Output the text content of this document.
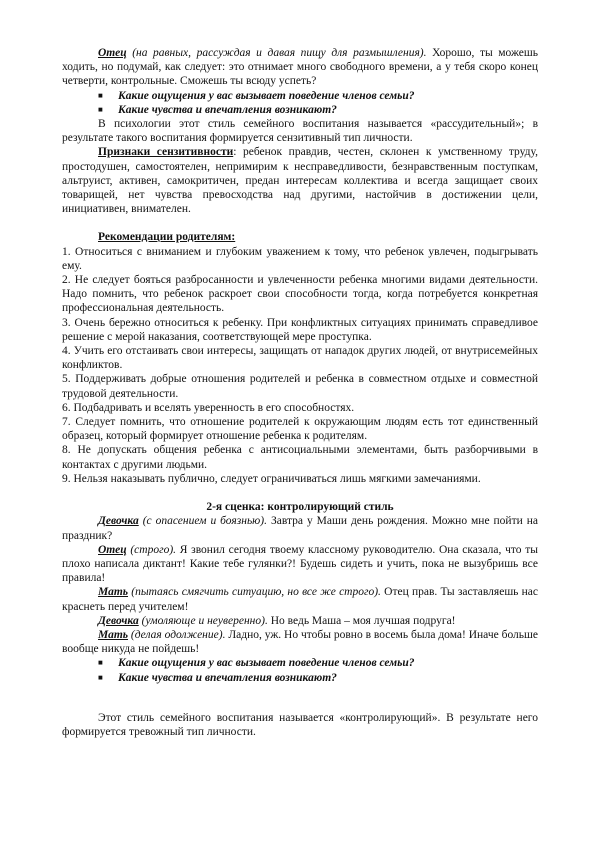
Отец (на равных, рассуждая и давая пищу для размышления). Хорошо, ты можешь ходить, но подумай, как следует: это отнимает много свободного времени, а у тебя скоро конец четверти, контрольные. Сможешь ты всюду успеть?

■ Какие ощущения у вас вызывает поведение членов семьи?
■ Какие чувства и впечатления возникают?

В психологии этот стиль семейного воспитания называется «рассудительный»; в результате такого воспитания формируется сензитивный тип личности.

Признаки сензитивности: ребенок правдив, честен, склонен к умственному труду, простодушен, самостоятелен, непримирим к несправедливости, безнравственным поступкам, альтруист, активен, самокритичен, предан интересам коллектива и всегда защищает своих товарищей, нет чувства превосходства над другими, настойчив в достижении цели, инициативен, внимателен.

Рекомендации родителям:

1. Относиться с вниманием и глубоким уважением к тому, что ребенок увлечен, подыгрывать ему.

2. Не следует бояться разбросанности и увлеченности ребенка многими видами деятельности. Надо помнить, что ребенок раскроет свои способности тогда, когда потребуется конкретная профессиональная деятельность.

3. Очень бережно относиться к ребенку. При конфликтных ситуациях принимать справедливое решение с мерой наказания, соответствующей мере проступка.

4. Учить его отстаивать свои интересы, защищать от нападок других людей, от внутрисемейных конфликтов.

5. Поддерживать добрые отношения родителей и ребенка в совместном отдыхе и совместной трудовой деятельности.

6. Подбадривать и вселять уверенность в его способностях.

7. Следует помнить, что отношение родителей к окружающим людям есть тот единственный образец, который формирует отношение ребенка к родителям.

8. Не допускать общения ребенка с антисоциальными элементами, быть разборчивыми в контактах с другими людьми.

9. Нельзя наказывать публично, следует ограничиваться лишь мягкими замечаниями.

2-я сценка: контролирующий стиль

Девочка (с опасением и боязнью). Завтра у Маши день рождения. Можно мне пойти на праздник?

Отец (строго). Я звонил сегодня твоему классному руководителю. Она сказала, что ты плохо написала диктант! Какие тебе гулянки?! Будешь сидеть и учить, пока не вызубришь все правила!

Мать (пытаясь смягчить ситуацию, но все же строго). Отец прав. Ты заставляешь нас краснеть перед учителем!

Девочка (умоляюще и неуверенно). Но ведь Маша – моя лучшая подруга!

Мать (делая одолжение). Ладно, уж. Но чтобы ровно в восемь была дома! Иначе больше вообще никуда не пойдешь!

■ Какие ощущения у вас вызывает поведение членов семьи?
■ Какие чувства и впечатления возникают?

Этот стиль семейного воспитания называется «контролирующий». В результате него формируется тревожный тип личности.
